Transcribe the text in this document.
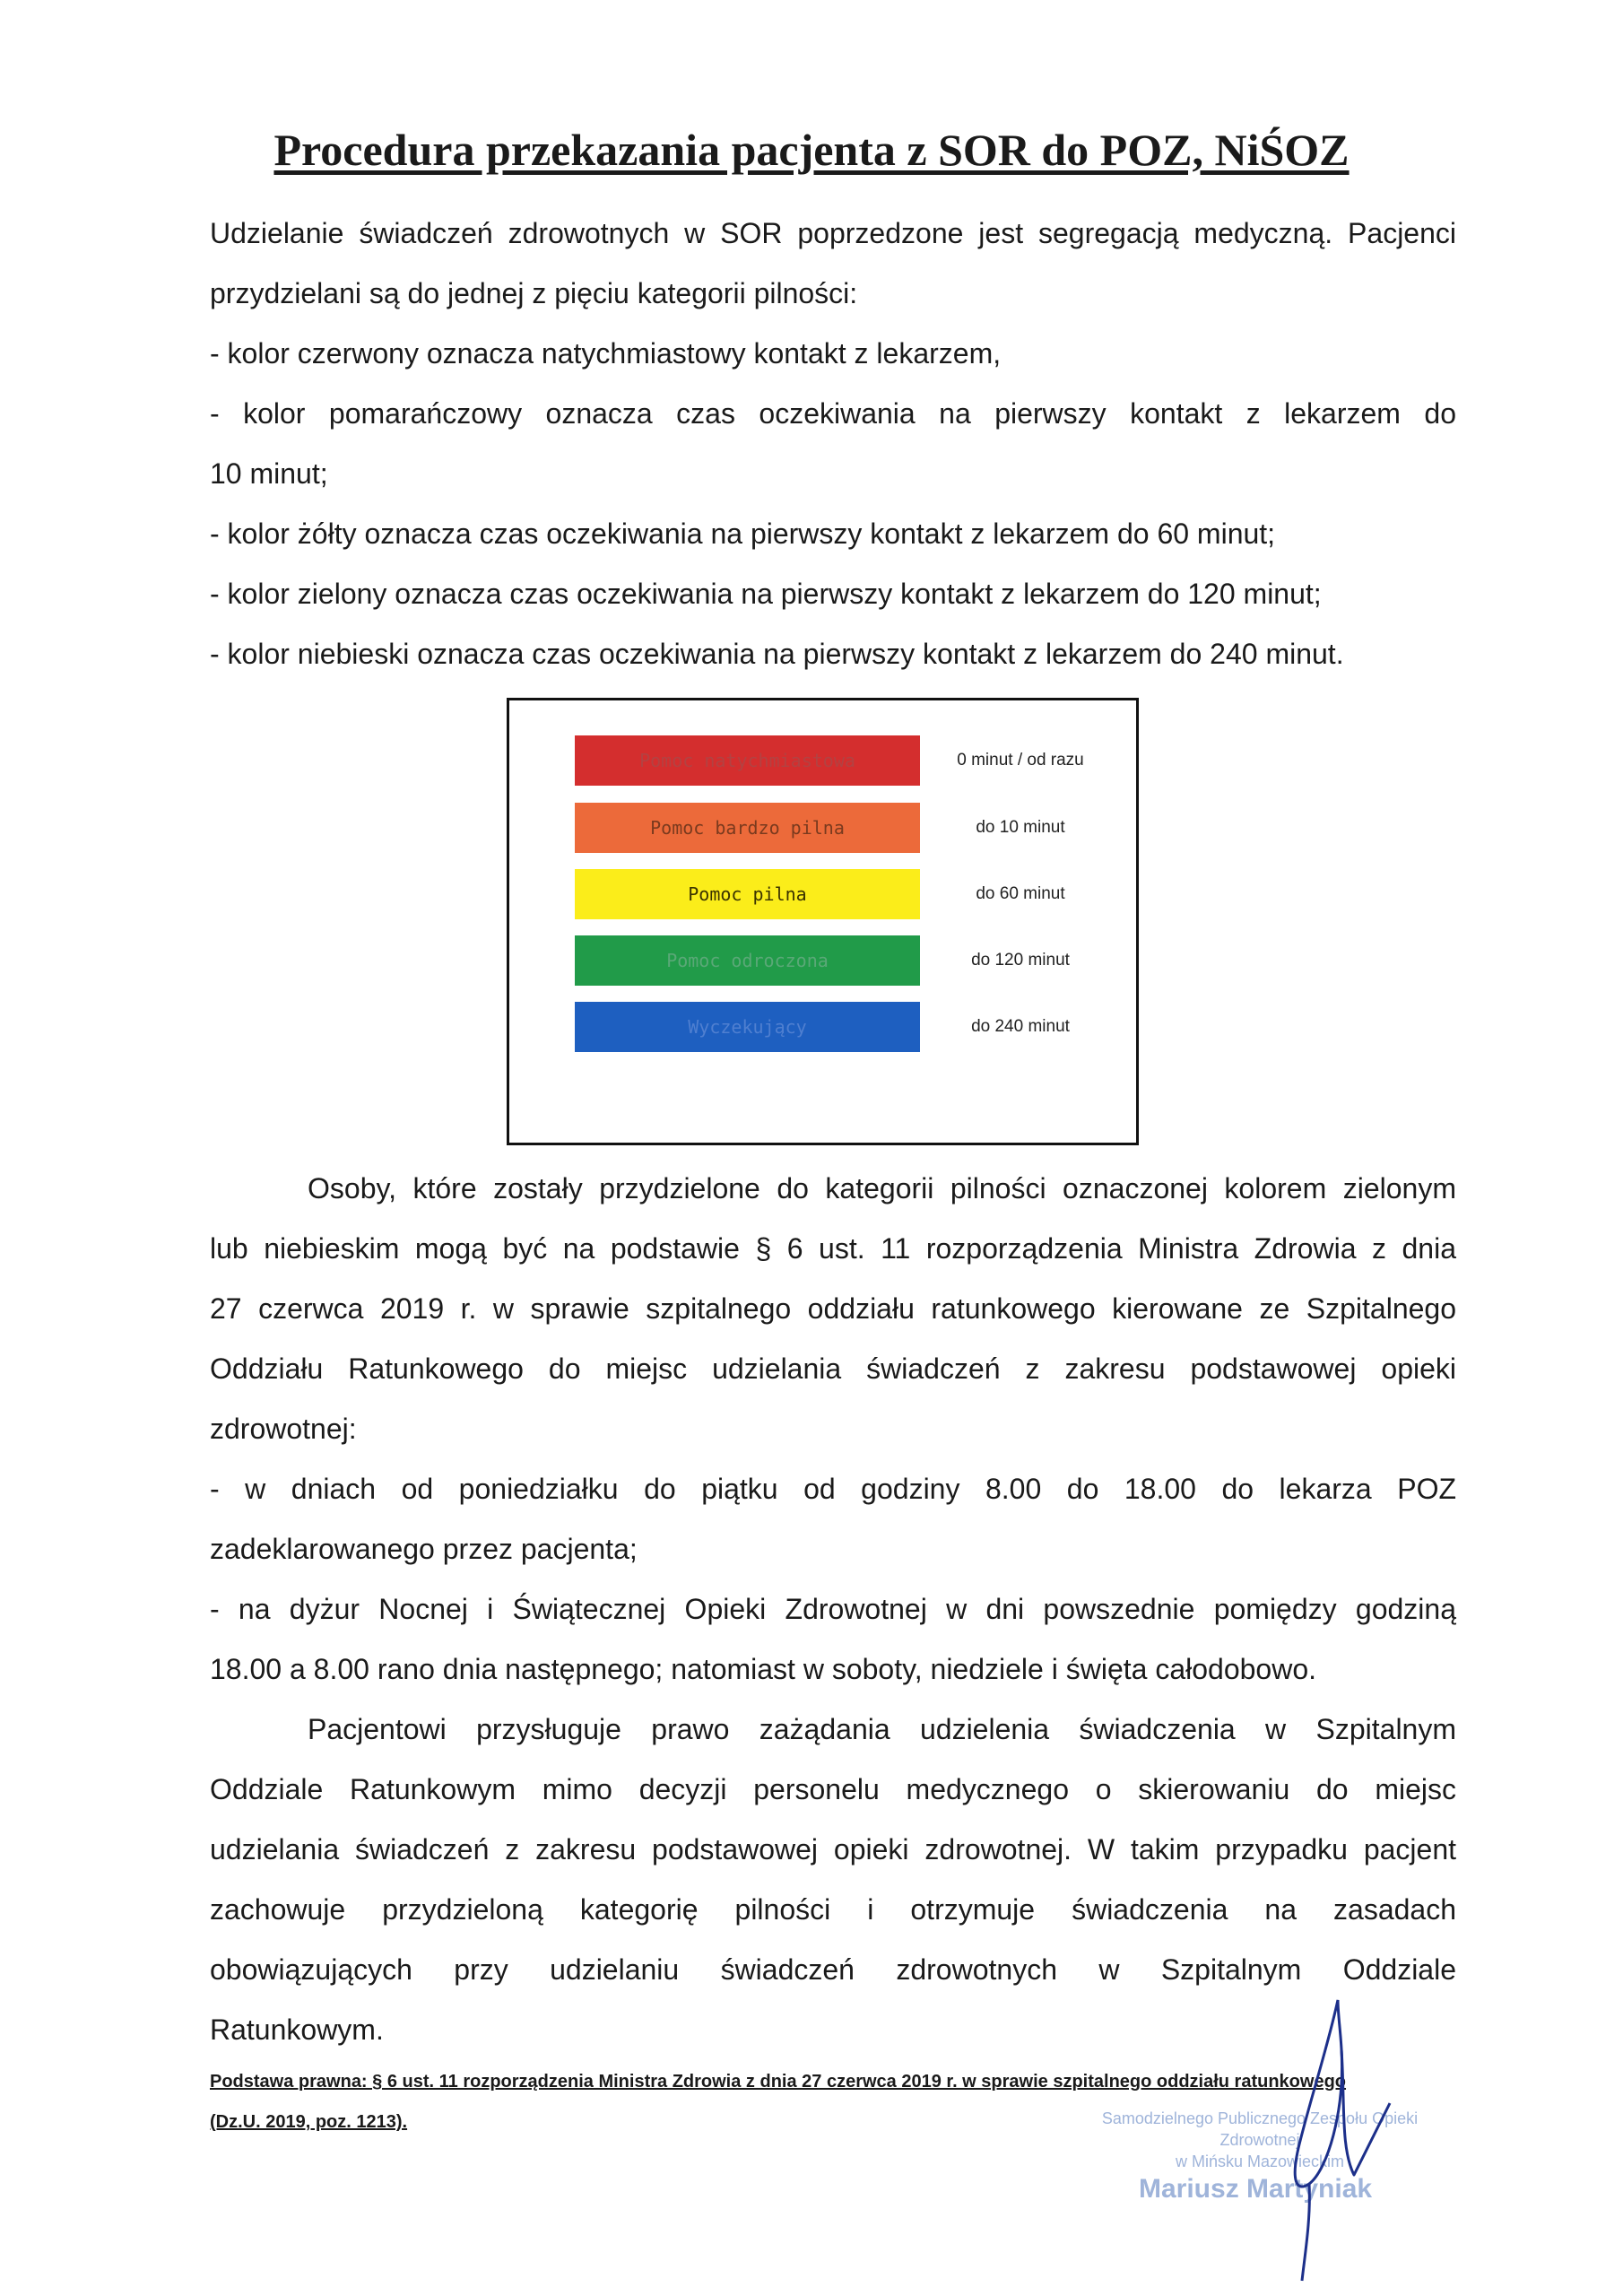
Procedura przekazania pacjenta z SOR do POZ, NiŚOZ

Udzielanie świadczeń zdrowotnych w SOR poprzedzone jest segregacją medyczną. Pacjenci

przydzielani są do jednej z pięciu kategorii pilności:

- kolor czerwony oznacza natychmiastowy kontakt z lekarzem,

- kolor pomarańczowy oznacza czas oczekiwania na pierwszy kontakt z lekarzem do

10 minut;

- kolor żółty oznacza czas oczekiwania na pierwszy kontakt z lekarzem do 60 minut;

- kolor zielony oznacza czas oczekiwania na pierwszy kontakt z lekarzem do 120 minut;

- kolor niebieski oznacza czas oczekiwania na pierwszy kontakt z lekarzem do 240 minut.

Pomoc natychmiastowa	0 minut / od razu
Pomoc bardzo pilna	do 10 minut
Pomoc pilna	do 60 minut
Pomoc odroczona	do 120 minut
Wyczekujący	do 240 minut

Osoby, które zostały przydzielone do kategorii pilności oznaczonej kolorem zielonym

lub niebieskim mogą być na podstawie § 6 ust. 11 rozporządzenia Ministra Zdrowia z dnia

27 czerwca 2019 r. w sprawie szpitalnego oddziału ratunkowego kierowane ze Szpitalnego

Oddziału Ratunkowego do miejsc udzielania świadczeń z zakresu podstawowej opieki

zdrowotnej:

- w dniach od poniedziałku do piątku od godziny 8.00 do 18.00 do lekarza POZ

zadeklarowanego przez pacjenta;

- na dyżur Nocnej i Świątecznej Opieki Zdrowotnej w dni powszednie pomiędzy godziną

18.00 a 8.00 rano dnia następnego; natomiast w soboty, niedziele i święta całodobowo.

Pacjentowi przysługuje prawo zażądania udzielenia świadczenia w Szpitalnym

Oddziale Ratunkowym mimo decyzji personelu medycznego o skierowaniu do miejsc

udzielania świadczeń z zakresu podstawowej opieki zdrowotnej. W takim przypadku pacjent

zachowuje przydzieloną kategorię pilności i otrzymuje świadczenia na zasadach

obowiązujących przy udzielaniu świadczeń zdrowotnych w Szpitalnym Oddziale

Ratunkowym.

Podstawa prawna: § 6 ust. 11 rozporządzenia Ministra Zdrowia z dnia 27 czerwca 2019 r. w sprawie szpitalnego oddziału ratunkowego

(Dz.U. 2019, poz. 1213).	Samodzielnego Publicznego Zespołu Opieki Zdrowotnej
w Mińsku Mazowieckim
Mariusz Martyniak
